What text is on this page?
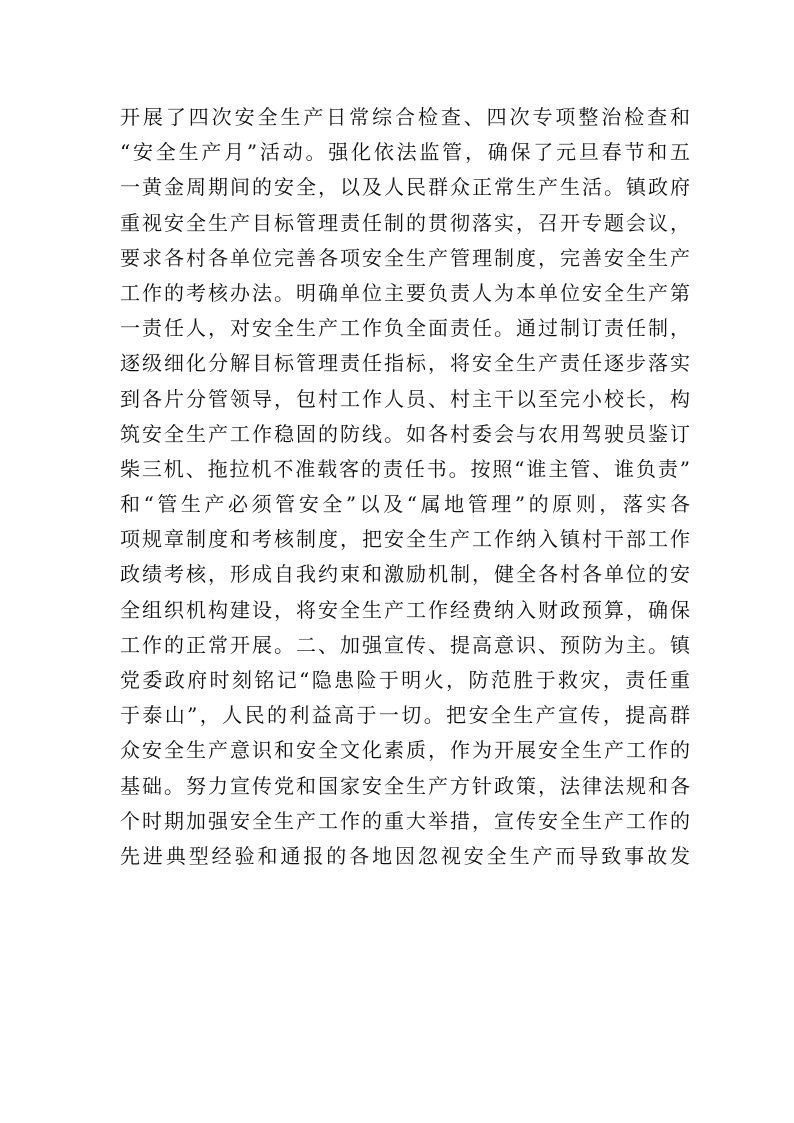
开展了四次安全生产日常综合检查、四次专项整治检查和
“安全生产月”活动。强化依法监管，确保了元旦春节和五
一黄金周期间的安全，以及人民群众正常生产生活。镇政府
重视安全生产目标管理责任制的贯彻落实，召开专题会议，
要求各村各单位完善各项安全生产管理制度，完善安全生产
工作的考核办法。明确单位主要负责人为本单位安全生产第
一责任人，对安全生产工作负全面责任。通过制订责任制，
逐级细化分解目标管理责任指标，将安全生产责任逐步落实
到各片分管领导，包村工作人员、村主干以至完小校长，构
筑安全生产工作稳固的防线。如各村委会与农用驾驶员鉴订
柴三机、拖拉机不准载客的责任书。按照“谁主管、谁负责”
和“管生产必须管安全”以及“属地管理”的原则，落实各
项规章制度和考核制度，把安全生产工作纳入镇村干部工作
政绩考核，形成自我约束和激励机制，健全各村各单位的安
全组织机构建设，将安全生产工作经费纳入财政预算，确保
工作的正常开展。二、加强宣传、提高意识、预防为主。镇
党委政府时刻铭记“隐患险于明火，防范胜于救灾，责任重
于泰山”，人民的利益高于一切。把安全生产宣传，提高群
众安全生产意识和安全文化素质，作为开展安全生产工作的
基础。努力宣传党和国家安全生产方针政策，法律法规和各
个时期加强安全生产工作的重大举措，宣传安全生产工作的
先进典型经验和通报的各地因忽视安全生产而导致事故发
